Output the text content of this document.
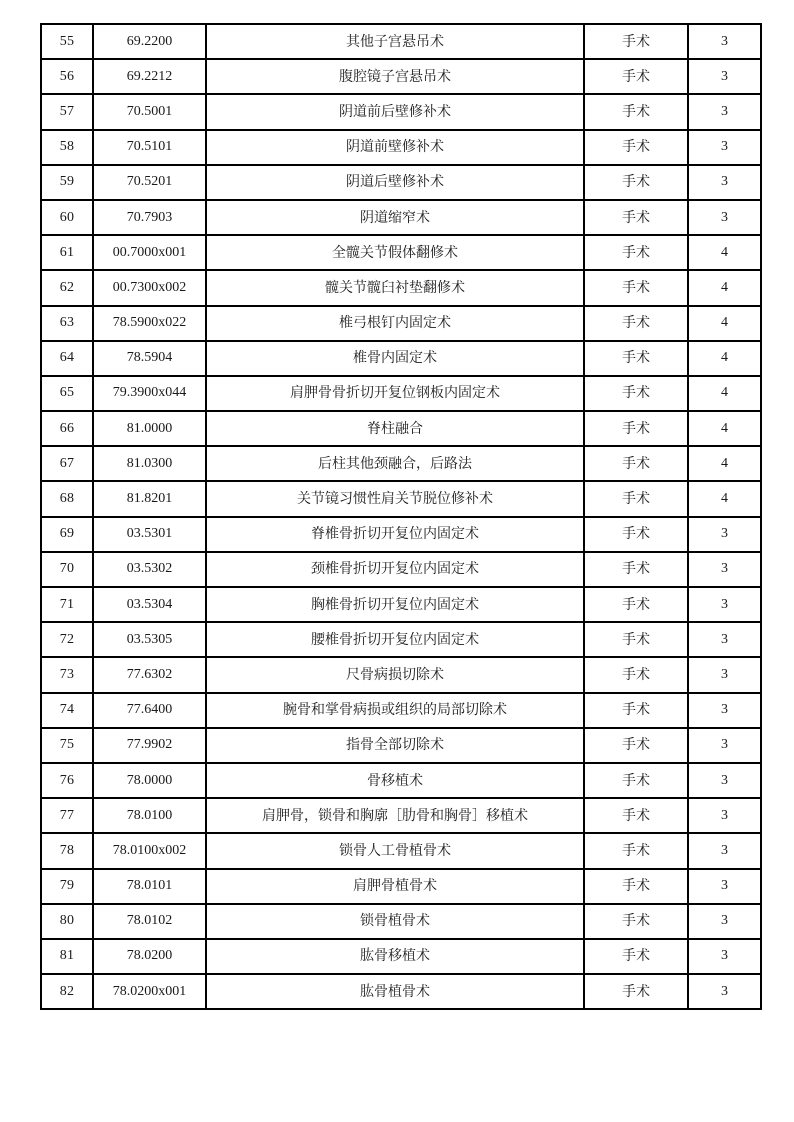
55	69.2200	其他子宫悬吊术	手术	3
56	69.2212	腹腔镜子宫悬吊术	手术	3
57	70.5001	阴道前后壁修补术	手术	3
58	70.5101	阴道前壁修补术	手术	3
59	70.5201	阴道后壁修补术	手术	3
60	70.7903	阴道缩窄术	手术	3
61	00.7000x001	全髋关节假体翻修术	手术	4
62	00.7300x002	髋关节髋臼衬垫翻修术	手术	4
63	78.5900x022	椎弓根钉内固定术	手术	4
64	78.5904	椎骨内固定术	手术	4
65	79.3900x044	肩胛骨骨折切开复位钢板内固定术	手术	4
66	81.0000	脊柱融合	手术	4
67	81.0300	后柱其他颈融合，后路法	手术	4
68	81.8201	关节镜习惯性肩关节脱位修补术	手术	4
69	03.5301	脊椎骨折切开复位内固定术	手术	3
70	03.5302	颈椎骨折切开复位内固定术	手术	3
71	03.5304	胸椎骨折切开复位内固定术	手术	3
72	03.5305	腰椎骨折切开复位内固定术	手术	3
73	77.6302	尺骨病损切除术	手术	3
74	77.6400	腕骨和掌骨病损或组织的局部切除术	手术	3
75	77.9902	指骨全部切除术	手术	3
76	78.0000	骨移植术	手术	3
77	78.0100	肩胛骨，锁骨和胸廓［肋骨和胸骨］移植术	手术	3
78	78.0100x002	锁骨人工骨植骨术	手术	3
79	78.0101	肩胛骨植骨术	手术	3
80	78.0102	锁骨植骨术	手术	3
81	78.0200	肱骨移植术	手术	3
82	78.0200x001	肱骨植骨术	手术	3
